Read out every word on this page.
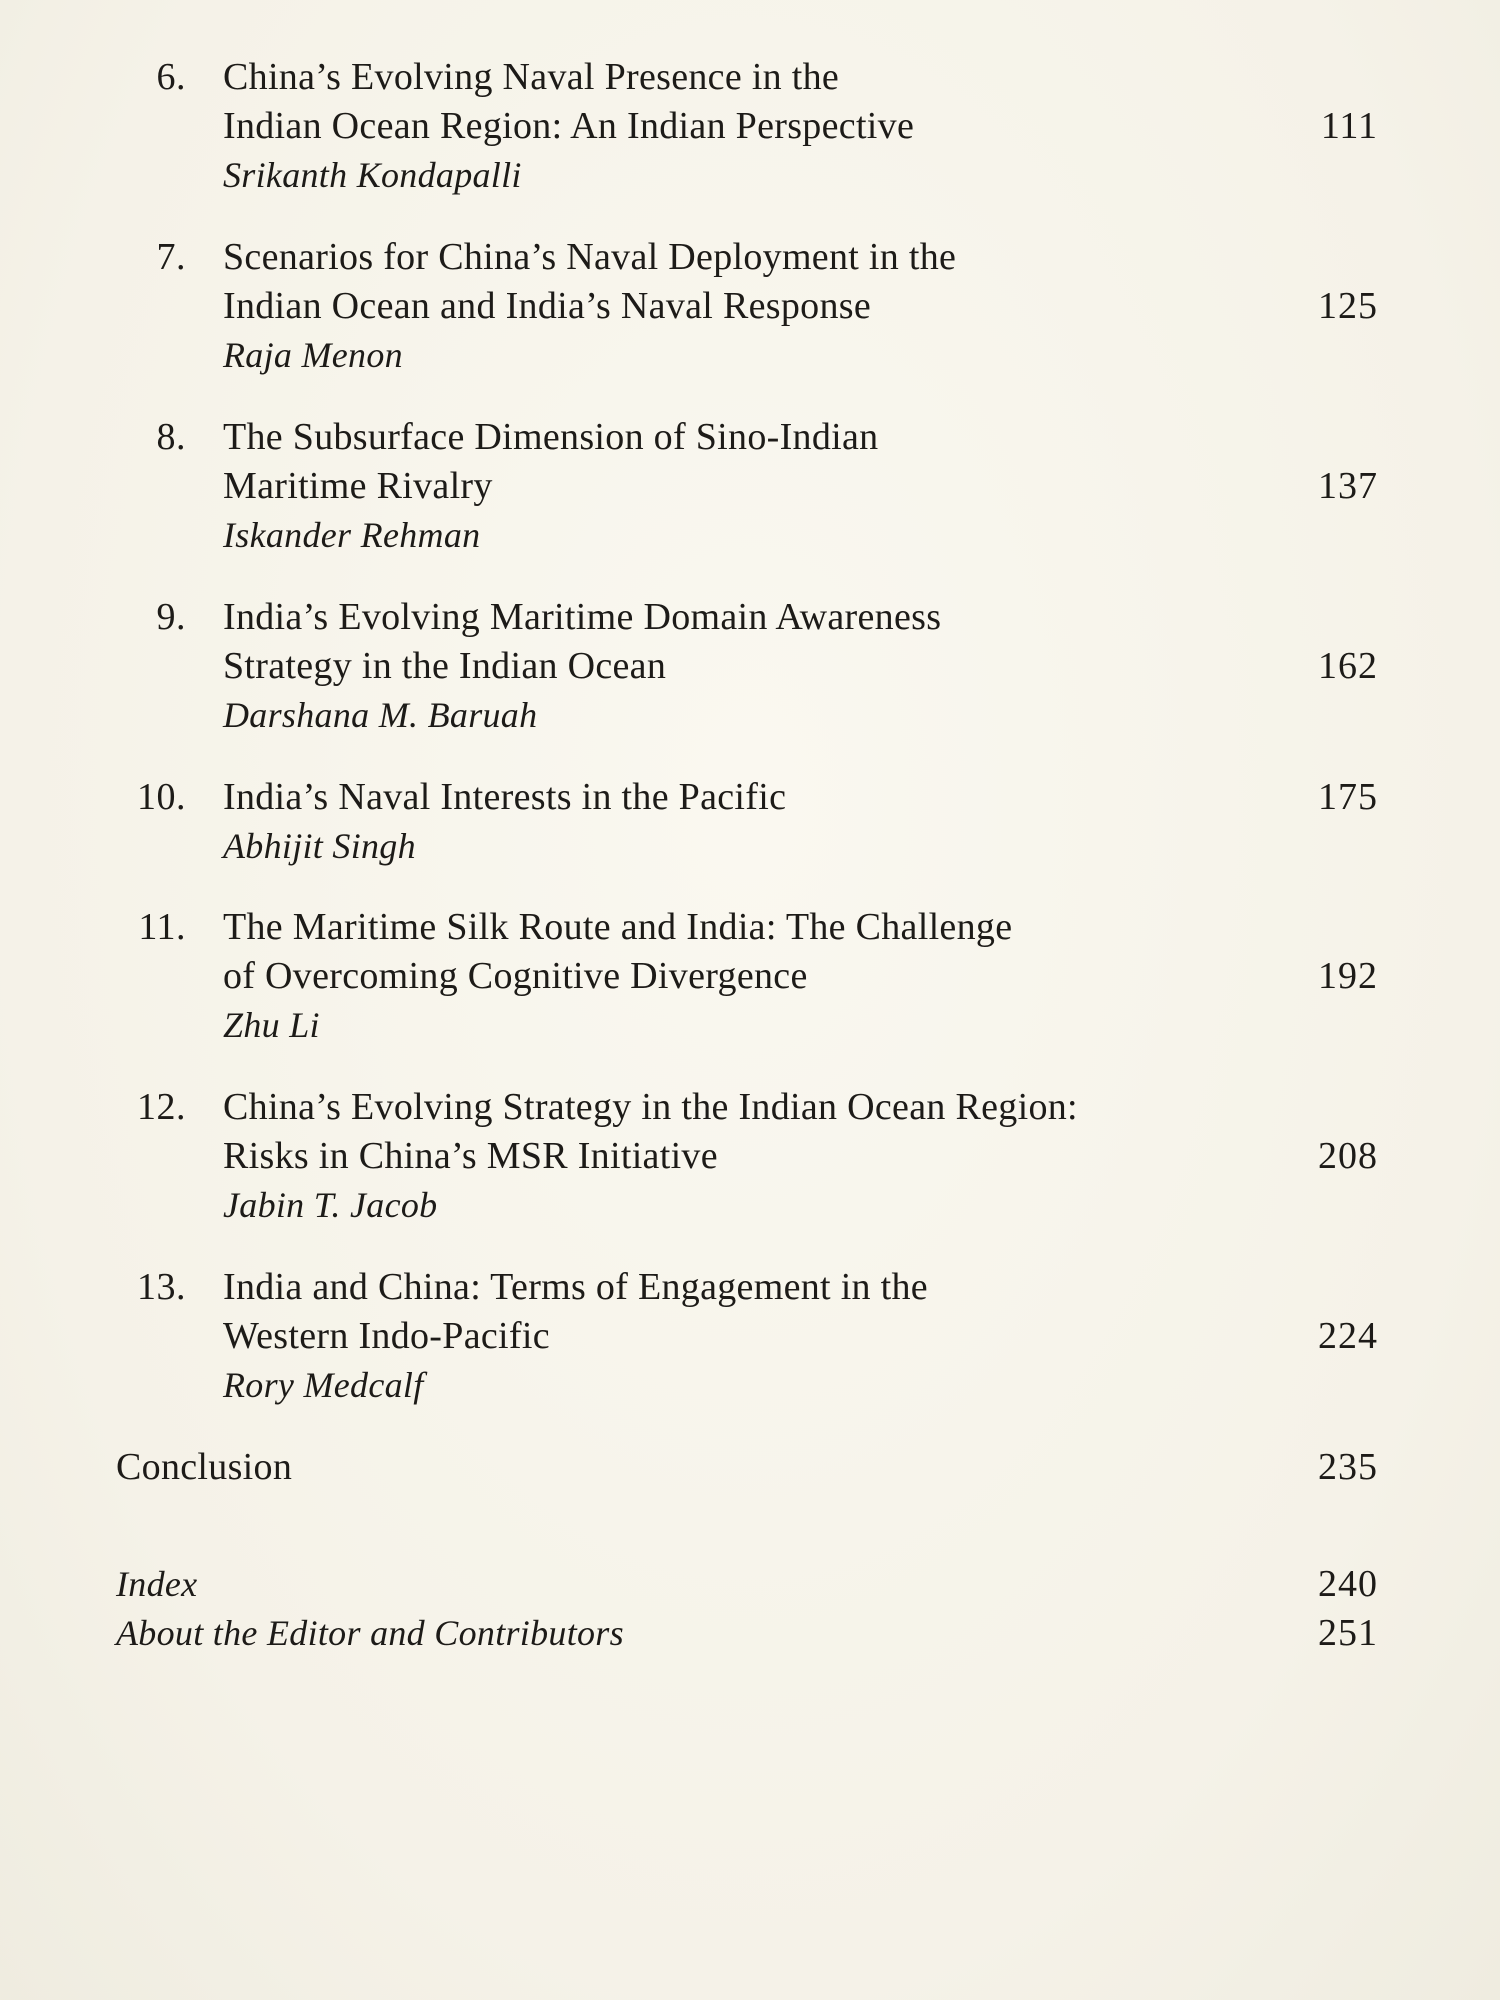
6. China’s Evolving Naval Presence in the
Indian Ocean Region: An Indian Perspective	111
Srikanth Kondapalli
7. Scenarios for China’s Naval Deployment in the
Indian Ocean and India’s Naval Response	125
Raja Menon
8. The Subsurface Dimension of Sino-Indian
Maritime Rivalry	137
Iskander Rehman
9. India’s Evolving Maritime Domain Awareness
Strategy in the Indian Ocean	162
Darshana M. Baruah
10. India’s Naval Interests in the Pacific	175
Abhijit Singh
11. The Maritime Silk Route and India: The Challenge
of Overcoming Cognitive Divergence	192
Zhu Li
12. China’s Evolving Strategy in the Indian Ocean Region:
Risks in China’s MSR Initiative	208
Jabin T. Jacob
13. India and China: Terms of Engagement in the
Western Indo-Pacific	224
Rory Medcalf
Conclusion	235
Index	240
About the Editor and Contributors	251
